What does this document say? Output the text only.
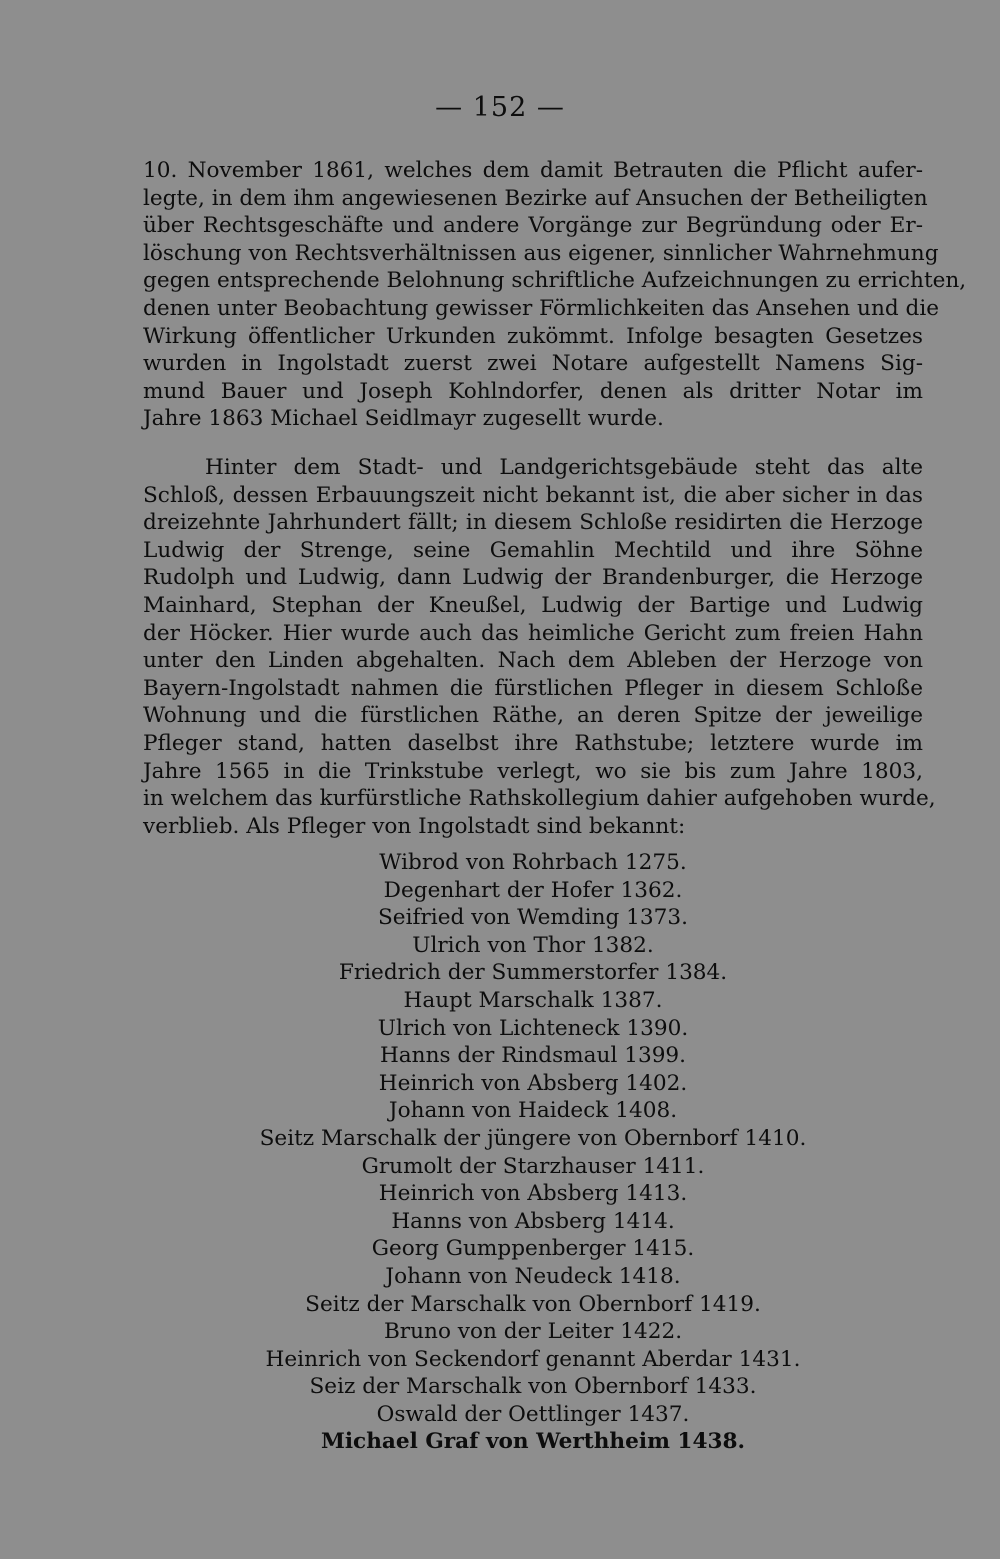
— 152 —
10. November 1861, welches dem damit Betrauten die Pflicht aufer-
legte, in dem ihm angewiesenen Bezirke auf Ansuchen der Betheiligten
über Rechtsgeschäfte und andere Vorgänge zur Begründung oder Er-
löschung von Rechtsverhältnissen aus eigener, sinnlicher Wahrnehmung
gegen entsprechende Belohnung schriftliche Aufzeichnungen zu errichten,
denen unter Beobachtung gewisser Förmlichkeiten das Ansehen und die
Wirkung öffentlicher Urkunden zukömmt. Infolge besagten Gesetzes
wurden in Ingolstadt zuerst zwei Notare aufgestellt Namens Sig-
mund Bauer und Joseph Kohlndorfer, denen als dritter Notar im
Jahre 1863 Michael Seidlmayr zugesellt wurde.
Hinter dem Stadt- und Landgerichtsgebäude steht das alte
Schloß, dessen Erbauungszeit nicht bekannt ist, die aber sicher in das
dreizehnte Jahrhundert fällt; in diesem Schloße residirten die Herzoge
Ludwig der Strenge, seine Gemahlin Mechtild und ihre Söhne
Rudolph und Ludwig, dann Ludwig der Brandenburger, die Herzoge
Mainhard, Stephan der Kneußel, Ludwig der Bartige und Ludwig
der Höcker. Hier wurde auch das heimliche Gericht zum freien Hahn
unter den Linden abgehalten. Nach dem Ableben der Herzoge von
Bayern-Ingolstadt nahmen die fürstlichen Pfleger in diesem Schloße
Wohnung und die fürstlichen Räthe, an deren Spitze der jeweilige
Pfleger stand, hatten daselbst ihre Rathstube; letztere wurde im
Jahre 1565 in die Trinkstube verlegt, wo sie bis zum Jahre 1803,
in welchem das kurfürstliche Rathskollegium dahier aufgehoben wurde,
verblieb. Als Pfleger von Ingolstadt sind bekannt:
Wibrod von Rohrbach 1275.
Degenhart der Hofer 1362.
Seifried von Wemding 1373.
Ulrich von Thor 1382.
Friedrich der Summerstorfer 1384.
Haupt Marschalk 1387.
Ulrich von Lichteneck 1390.
Hanns der Rindsmaul 1399.
Heinrich von Absberg 1402.
Johann von Haideck 1408.
Seitz Marschalk der jüngere von Obernborf 1410.
Grumolt der Starzhauser 1411.
Heinrich von Absberg 1413.
Hanns von Absberg 1414.
Georg Gumppenberger 1415.
Johann von Neudeck 1418.
Seitz der Marschalk von Obernborf 1419.
Bruno von der Leiter 1422.
Heinrich von Seckendorf genannt Aberdar 1431.
Seiz der Marschalk von Obernborf 1433.
Oswald der Oettlinger 1437.
Michael Graf von Werthheim 1438.
